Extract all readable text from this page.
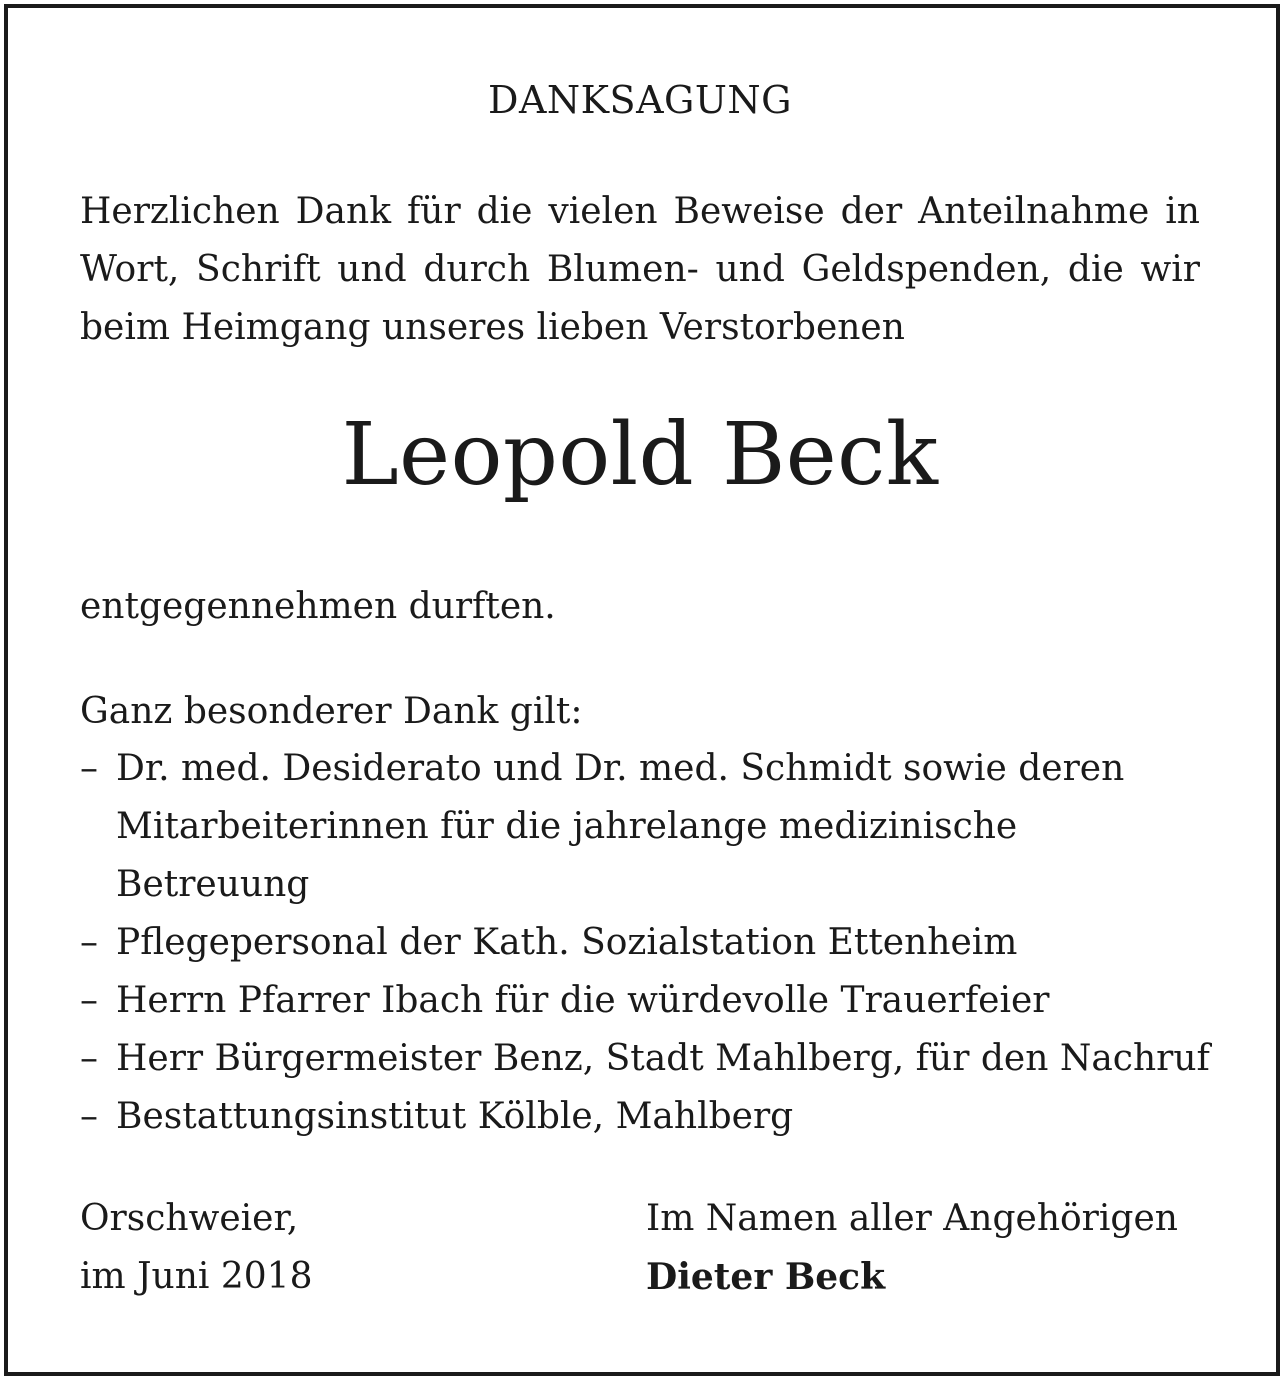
DANKSAGUNG

Herzlichen Dank für die vielen Beweise der Anteilnahme in
Wort, Schrift und durch Blumen- und Geldspenden, die wir
beim Heimgang unseres lieben Verstorbenen

Leopold Beck
entgegennehmen durften.
Ganz besonderer Dank gilt:
– Dr. med. Desiderato und Dr. med. Schmidt sowie deren
Mitarbeiterinnen für die jahrelange medizinische
Betreuung
– Pflegepersonal der Kath. Sozialstation Ettenheim
– Herrn Pfarrer Ibach für die würdevolle Trauerfeier
– Herr Bürgermeister Benz, Stadt Mahlberg, für den Nachruf
– Bestattungsinstitut Kölble, Mahlberg
Orschweier,
im Juni 2018
Im Namen aller Angehörigen
Dieter Beck
